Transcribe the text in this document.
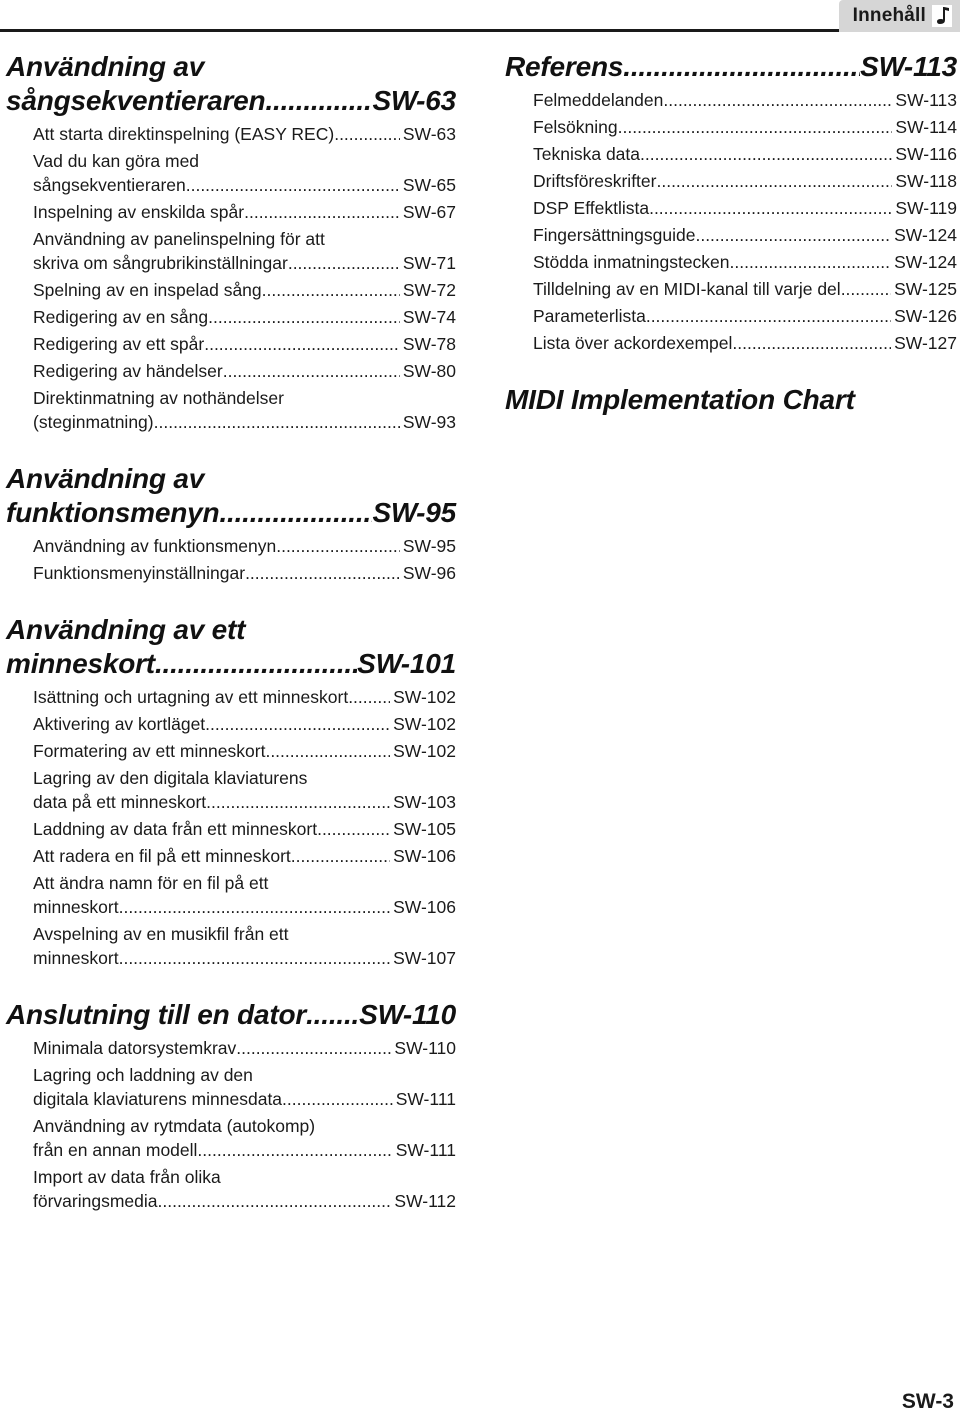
Innehåll
Användning av
sångsekventieraren .....	SW-63
Att starta direktinspelning (EASY REC) .....	SW-63
Vad du kan göra med
sångsekventieraren .....	SW-65
Inspelning av enskilda spår .....	SW-67
Användning av panelinspelning för att
skriva om sångrubrikinställningar .....	SW-71
Spelning av en inspelad sång .....	SW-72
Redigering av en sång .....	SW-74
Redigering av ett spår .....	SW-78
Redigering av händelser .....	SW-80
Direktinmatning av nothändelser
(steginmatning) .....	SW-93
Användning av
funktionsmenyn .....	SW-95
Användning av funktionsmenyn .....	SW-95
Funktionsmenyinställningar .....	SW-96
Användning av ett
minneskort .....	SW-101
Isättning och urtagning av ett minneskort .....	SW-102
Aktivering av kortläget .....	SW-102
Formatering av ett minneskort .....	SW-102
Lagring av den digitala klaviaturens
data på ett minneskort .....	SW-103
Laddning av data från ett minneskort .....	SW-105
Att radera en fil på ett minneskort .....	SW-106
Att ändra namn för en fil på ett
minneskort .....	SW-106
Avspelning av en musikfil från ett
minneskort .....	SW-107
Anslutning till en dator ..... SW-110
Minimala datorsystemkrav .....	SW-110
Lagring och laddning av den
digitala klaviaturens minnesdata .....	SW-111
Användning av rytmdata (autokomp)
från en annan modell .....	SW-111
Import av data från olika
förvaringsmedia .....	SW-112
Referens .....	SW-113
Felmeddelanden .....	SW-113
Felsökning .....	SW-114
Tekniska data .....	SW-116
Driftsföreskrifter .....	SW-118
DSP Effektlista .....	SW-119
Fingersättningsguide .....	SW-124
Stödda inmatningstecken .....	SW-124
Tilldelning av en MIDI-kanal till varje del .....	SW-125
Parameterlista .....	SW-126
Lista över ackordexempel .....	SW-127
MIDI Implementation Chart
SW-3
